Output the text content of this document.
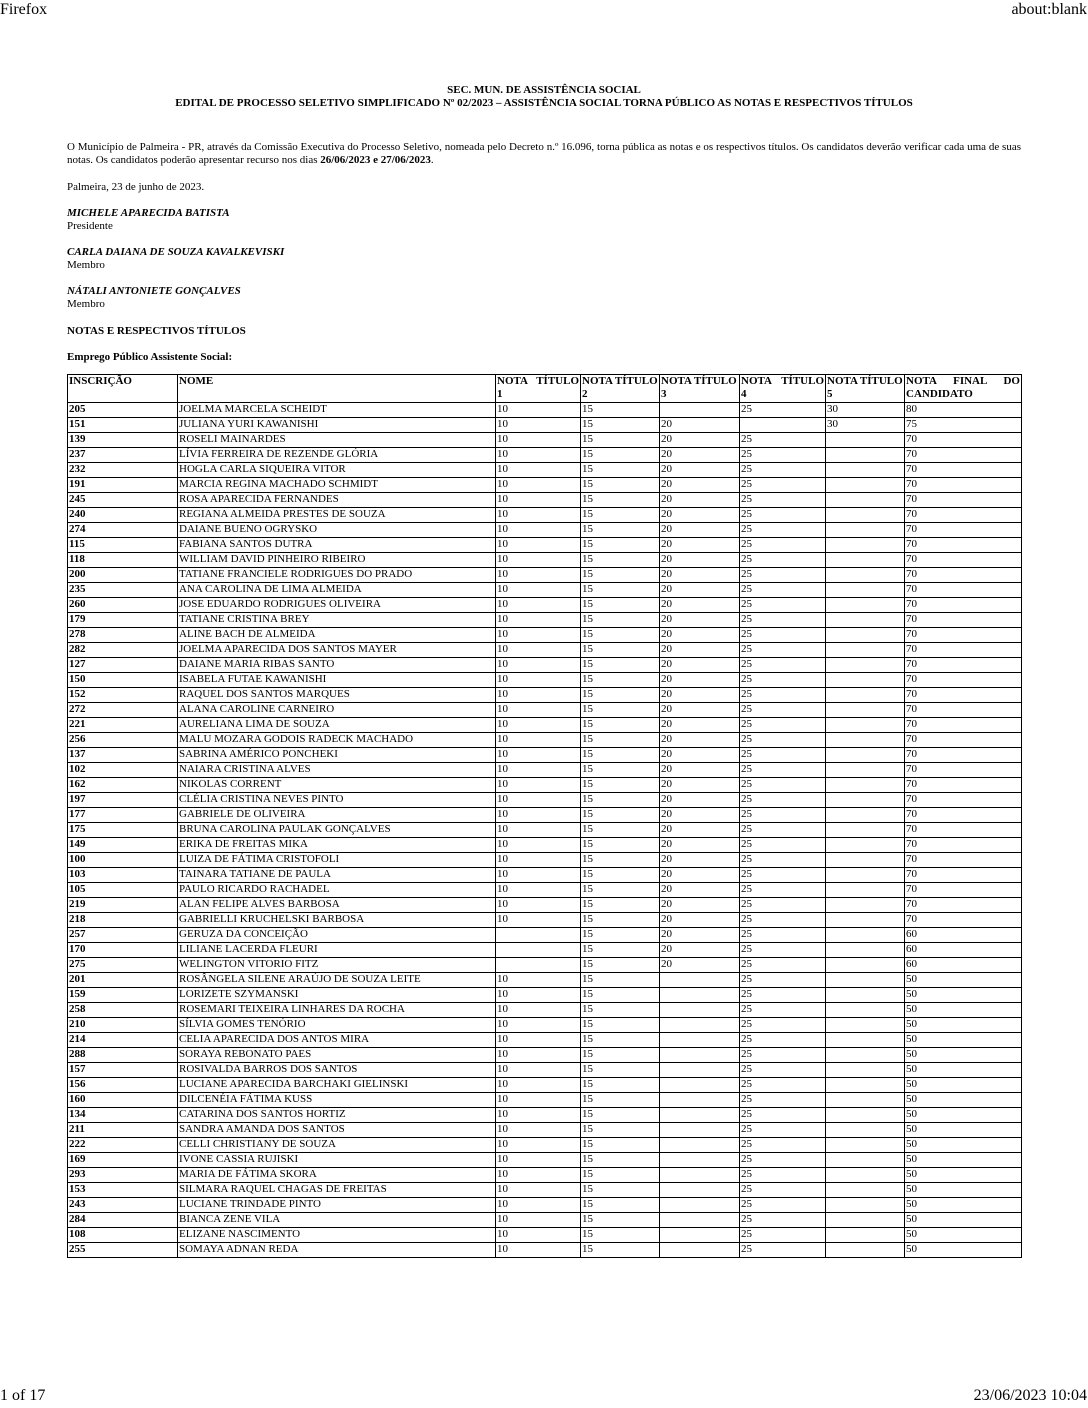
Firefox	about:blank
SEC. MUN. DE ASSISTÊNCIA SOCIAL
EDITAL DE PROCESSO SELETIVO SIMPLIFICADO Nº 02/2023 – ASSISTÊNCIA SOCIAL TORNA PÚBLICO AS NOTAS E RESPECTIVOS TÍTULOS
O Município de Palmeira - PR, através da Comissão Executiva do Processo Seletivo, nomeada pelo Decreto n.º 16.096, torna pública as notas e os respectivos títulos. Os candidatos deverão verificar cada uma de suas notas. Os candidatos poderão apresentar recurso nos dias 26/06/2023 e 27/06/2023.
Palmeira, 23 de junho de 2023.
MICHELE APARECIDA BATISTA
Presidente
CARLA DAIANA DE SOUZA KAVALKEVISKI
Membro
NÁTALI ANTONIETE GONÇALVES
Membro
NOTAS E RESPECTIVOS TÍTULOS
Emprego Público Assistente Social:
INSCRIÇÃO	NOME	NOTA TÍTULO 1	NOTA TÍTULO 2	NOTA TÍTULO 3	NOTA TÍTULO 4	NOTA TÍTULO 5	NOTA FINAL DO CANDIDATO
205	JOELMA MARCELA SCHEIDT	10	15		25	30	80
151	JULIANA YURI KAWANISHI	10	15	20		30	75
139	ROSELI MAINARDES	10	15	20	25		70
237	LÍVIA FERREIRA DE REZENDE GLÓRIA	10	15	20	25		70
232	HOGLA CARLA SIQUEIRA VITOR	10	15	20	25		70
191	MARCIA REGINA MACHADO SCHMIDT	10	15	20	25		70
245	ROSA APARECIDA FERNANDES	10	15	20	25		70
240	REGIANA ALMEIDA PRESTES DE SOUZA	10	15	20	25		70
274	DAIANE BUENO OGRYSKO	10	15	20	25		70
115	FABIANA SANTOS DUTRA	10	15	20	25		70
118	WILLIAM DAVID PINHEIRO RIBEIRO	10	15	20	25		70
200	TATIANE FRANCIELE RODRIGUES DO PRADO	10	15	20	25		70
235	ANA CAROLINA DE LIMA ALMEIDA	10	15	20	25		70
260	JOSE EDUARDO RODRIGUES OLIVEIRA	10	15	20	25		70
179	TATIANE CRISTINA BREY	10	15	20	25		70
278	ALINE BACH DE ALMEIDA	10	15	20	25		70
282	JOELMA APARECIDA DOS SANTOS MAYER	10	15	20	25		70
127	DAIANE MARIA RIBAS SANTO	10	15	20	25		70
150	ISABELA FUTAE KAWANISHI	10	15	20	25		70
152	RAQUEL DOS SANTOS MARQUES	10	15	20	25		70
272	ALANA CAROLINE CARNEIRO	10	15	20	25		70
221	AURELIANA LIMA DE SOUZA	10	15	20	25		70
256	MALU MOZARA GODOIS RADECK MACHADO	10	15	20	25		70
137	SABRINA AMÉRICO PONCHEKI	10	15	20	25		70
102	NAIARA CRISTINA ALVES	10	15	20	25		70
162	NIKOLAS CORRENT	10	15	20	25		70
197	CLÉLIA CRISTINA NEVES PINTO	10	15	20	25		70
177	GABRIELE DE OLIVEIRA	10	15	20	25		70
175	BRUNA CAROLINA PAULAK GONÇALVES	10	15	20	25		70
149	ERIKA DE FREITAS MIKA	10	15	20	25		70
100	LUIZA DE FÁTIMA CRISTOFOLI	10	15	20	25		70
103	TAINARA TATIANE DE PAULA	10	15	20	25		70
105	PAULO RICARDO RACHADEL	10	15	20	25		70
219	ALAN FELIPE ALVES BARBOSA	10	15	20	25		70
218	GABRIELLI KRUCHELSKI BARBOSA	10	15	20	25		70
257	GERUZA DA CONCEIÇÃO		15	20	25		60
170	LILIANE LACERDA FLEURI		15	20	25		60
275	WELINGTON VITORIO FITZ		15	20	25		60
201	ROSÂNGELA SILENE ARAÚJO DE SOUZA LEITE	10	15		25		50
159	LORIZETE SZYMANSKI	10	15		25		50
258	ROSEMARI TEIXEIRA LINHARES DA ROCHA	10	15		25		50
210	SÍLVIA GOMES TENÓRIO	10	15		25		50
214	CELIA APARECIDA DOS ANTOS MIRA	10	15		25		50
288	SORAYA REBONATO PAES	10	15		25		50
157	ROSIVALDA BARROS DOS SANTOS	10	15		25		50
156	LUCIANE APARECIDA BARCHAKI GIELINSKI	10	15		25		50
160	DILCENÉIA FÁTIMA KUSS	10	15		25		50
134	CATARINA DOS SANTOS HORTIZ	10	15		25		50
211	SANDRA AMANDA DOS SANTOS	10	15		25		50
222	CELLI CHRISTIANY DE SOUZA	10	15		25		50
169	IVONE CASSIA RUJISKI	10	15		25		50
293	MARIA DE FÁTIMA SKORA	10	15		25		50
153	SILMARA RAQUEL CHAGAS DE FREITAS	10	15		25		50
243	LUCIANE TRINDADE PINTO	10	15		25		50
284	BIANCA ZENE VILA	10	15		25		50
108	ELIZANE NASCIMENTO	10	15		25		50
255	SOMAYA ADNAN REDA	10	15		25		50
1 of 17	23/06/2023 10:04
